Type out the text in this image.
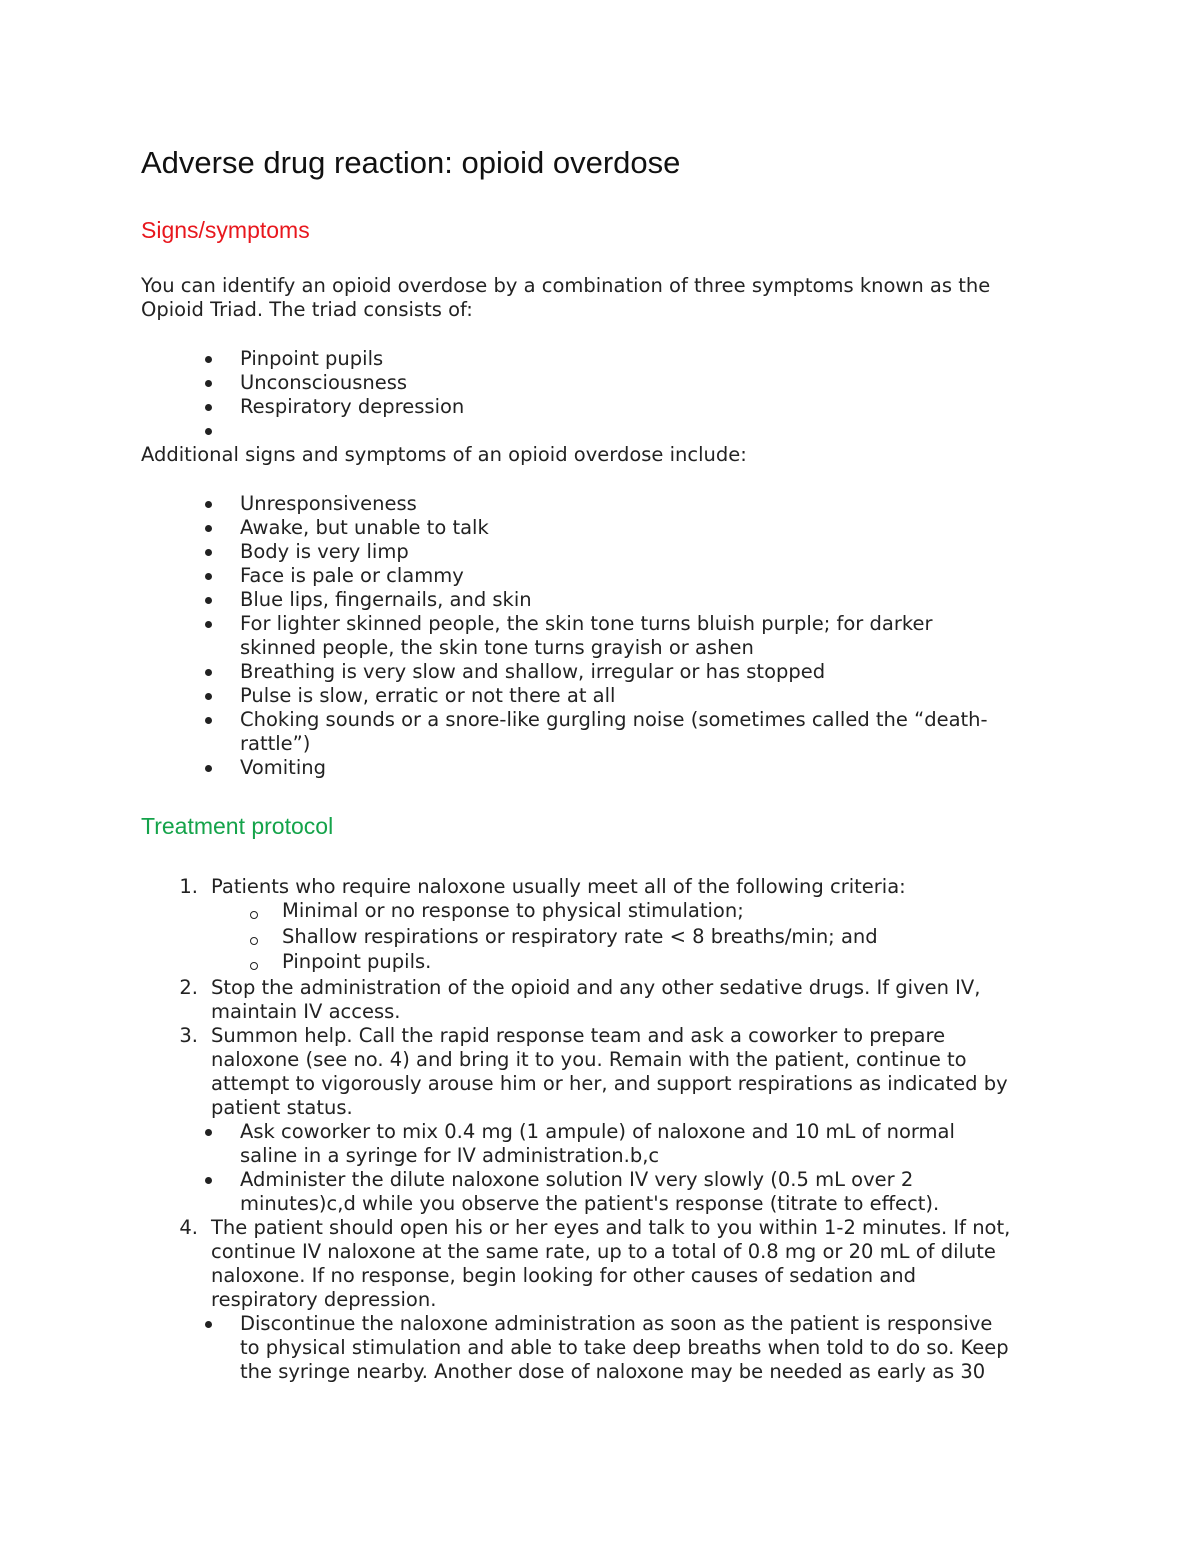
Adverse drug reaction: opioid overdose
Signs/symptoms
Treatment protocol
You can identify an opioid overdose by a combination of three symptoms known as the
Opioid Triad. The triad consists of:
Pinpoint pupils
Unconsciousness
Respiratory depression
Additional signs and symptoms of an opioid overdose include:
Unresponsiveness
Awake, but unable to talk
Body is very limp
Face is pale or clammy
Blue lips, fingernails, and skin
For lighter skinned people, the skin tone turns bluish purple; for darker
skinned people, the skin tone turns grayish or ashen
Breathing is very slow and shallow, irregular or has stopped
Pulse is slow, erratic or not there at all
Choking sounds or a snore-like gurgling noise (sometimes called the “death-
rattle”)
Vomiting
1. Patients who require naloxone usually meet all of the following criteria:
Minimal or no response to physical stimulation;
Shallow respirations or respiratory rate < 8 breaths/min; and
Pinpoint pupils.
2. Stop the administration of the opioid and any other sedative drugs. If given IV,
maintain IV access.
3. Summon help. Call the rapid response team and ask a coworker to prepare
naloxone (see no. 4) and bring it to you. Remain with the patient, continue to
attempt to vigorously arouse him or her, and support respirations as indicated by
patient status.
Ask coworker to mix 0.4 mg (1 ampule) of naloxone and 10 mL of normal
saline in a syringe for IV administration.b,c
Administer the dilute naloxone solution IV very slowly (0.5 mL over 2
minutes)c,d while you observe the patient's response (titrate to effect).
4. The patient should open his or her eyes and talk to you within 1-2 minutes. If not,
continue IV naloxone at the same rate, up to a total of 0.8 mg or 20 mL of dilute
naloxone. If no response, begin looking for other causes of sedation and
respiratory depression.
Discontinue the naloxone administration as soon as the patient is responsive
to physical stimulation and able to take deep breaths when told to do so. Keep
the syringe nearby. Another dose of naloxone may be needed as early as 30
